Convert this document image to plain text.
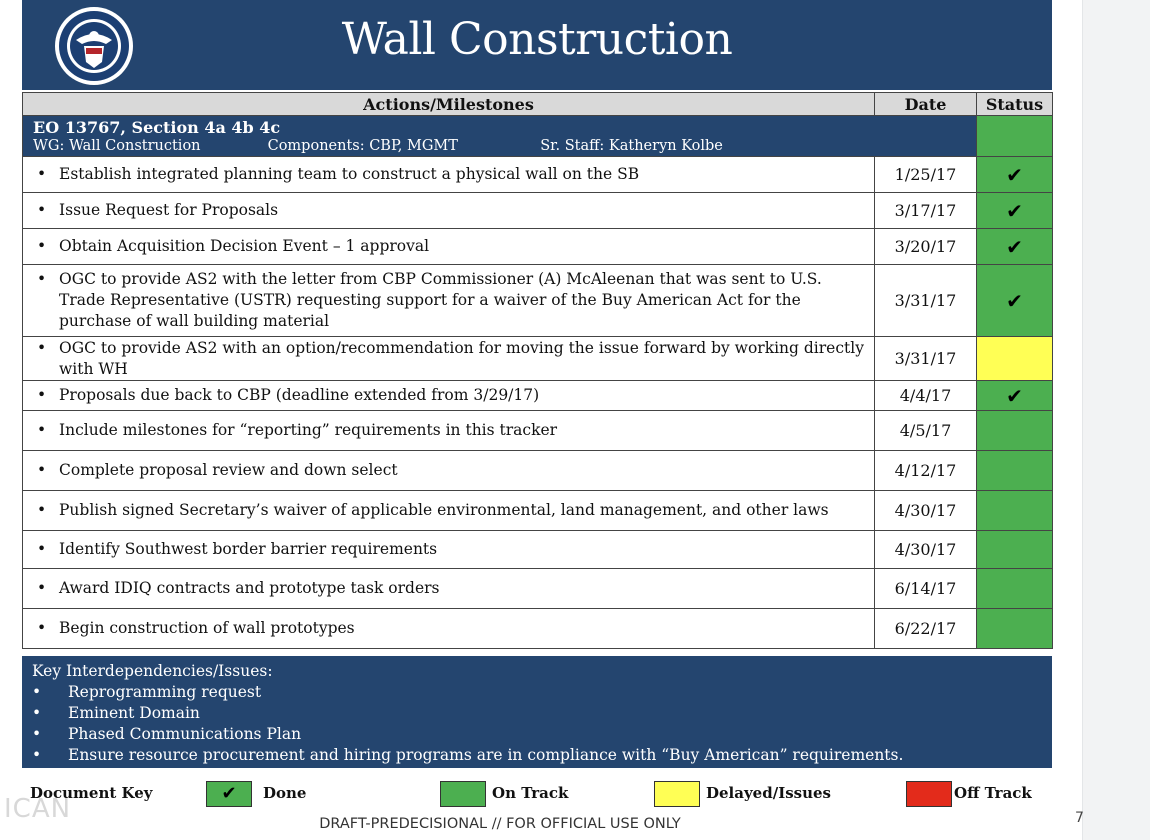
Wall Construction
Actions/Milestones	Date	Status

EO 13767, Section 4a 4b 4c
WG: Wall Construction Components: CBP, MGMT Sr. Staff: Katheryn Kolbe		

• Establish integrated planning team to construct a physical wall on the SB	1/25/17	✔

• Issue Request for Proposals	3/17/17	✔

• Obtain Acquisition Decision Event – 1 approval	3/20/17	✔

• OGC to provide AS2 with the letter from CBP Commissioner (A) McAleenan that was sent to U.S. Trade Representative (USTR) requesting support for a waiver of the Buy American Act for the purchase of wall building material	3/31/17	✔

• OGC to provide AS2 with an option/recommendation for moving the issue forward by working directly with WH	3/31/17	

• Proposals due back to CBP (deadline extended from 3/29/17)	4/4/17	✔

• Include milestones for “reporting” requirements in this tracker	4/5/17	

• Complete proposal review and down select	4/12/17	

• Publish signed Secretary’s waiver of applicable environmental, land management, and other laws	4/30/17	

• Identify Southwest border barrier requirements	4/30/17	

• Award IDIQ contracts and prototype task orders	6/14/17	

• Begin construction of wall prototypes	6/22/17	
Key Interdependencies/Issues:
•	Reprogramming request
•	Eminent Domain
•	Phased Communications Plan
•	Ensure resource procurement and hiring programs are in compliance with “Buy American” requirements.
Document Key	✔	Done	On Track	Delayed/Issues	Off Track
ICAN	DRAFT-PREDECISIONAL // FOR OFFICIAL USE ONLY	7
